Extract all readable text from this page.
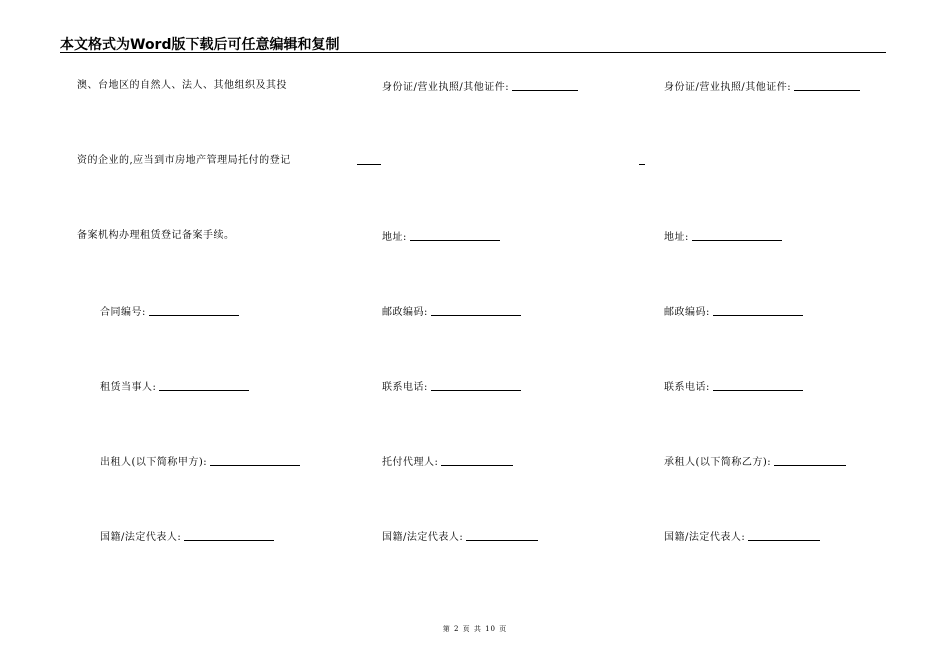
本文格式为Word版下载后可任意编辑和复制
澳、台地区的自然人、法人、其他组织及其投
资的企业的,应当到市房地产管理局托付的登记
备案机构办理租赁登记备案手续。
合同编号:
租赁当事人:
出租人(以下简称甲方):
国籍/法定代表人:
身份证/营业执照/其他证件:
地址:
邮政编码:
联系电话:
托付代理人:
国籍/法定代表人:
身份证/营业执照/其他证件:
地址:
邮政编码:
联系电话:
承租人(以下简称乙方):
国籍/法定代表人:
第 2 页 共 10 页
